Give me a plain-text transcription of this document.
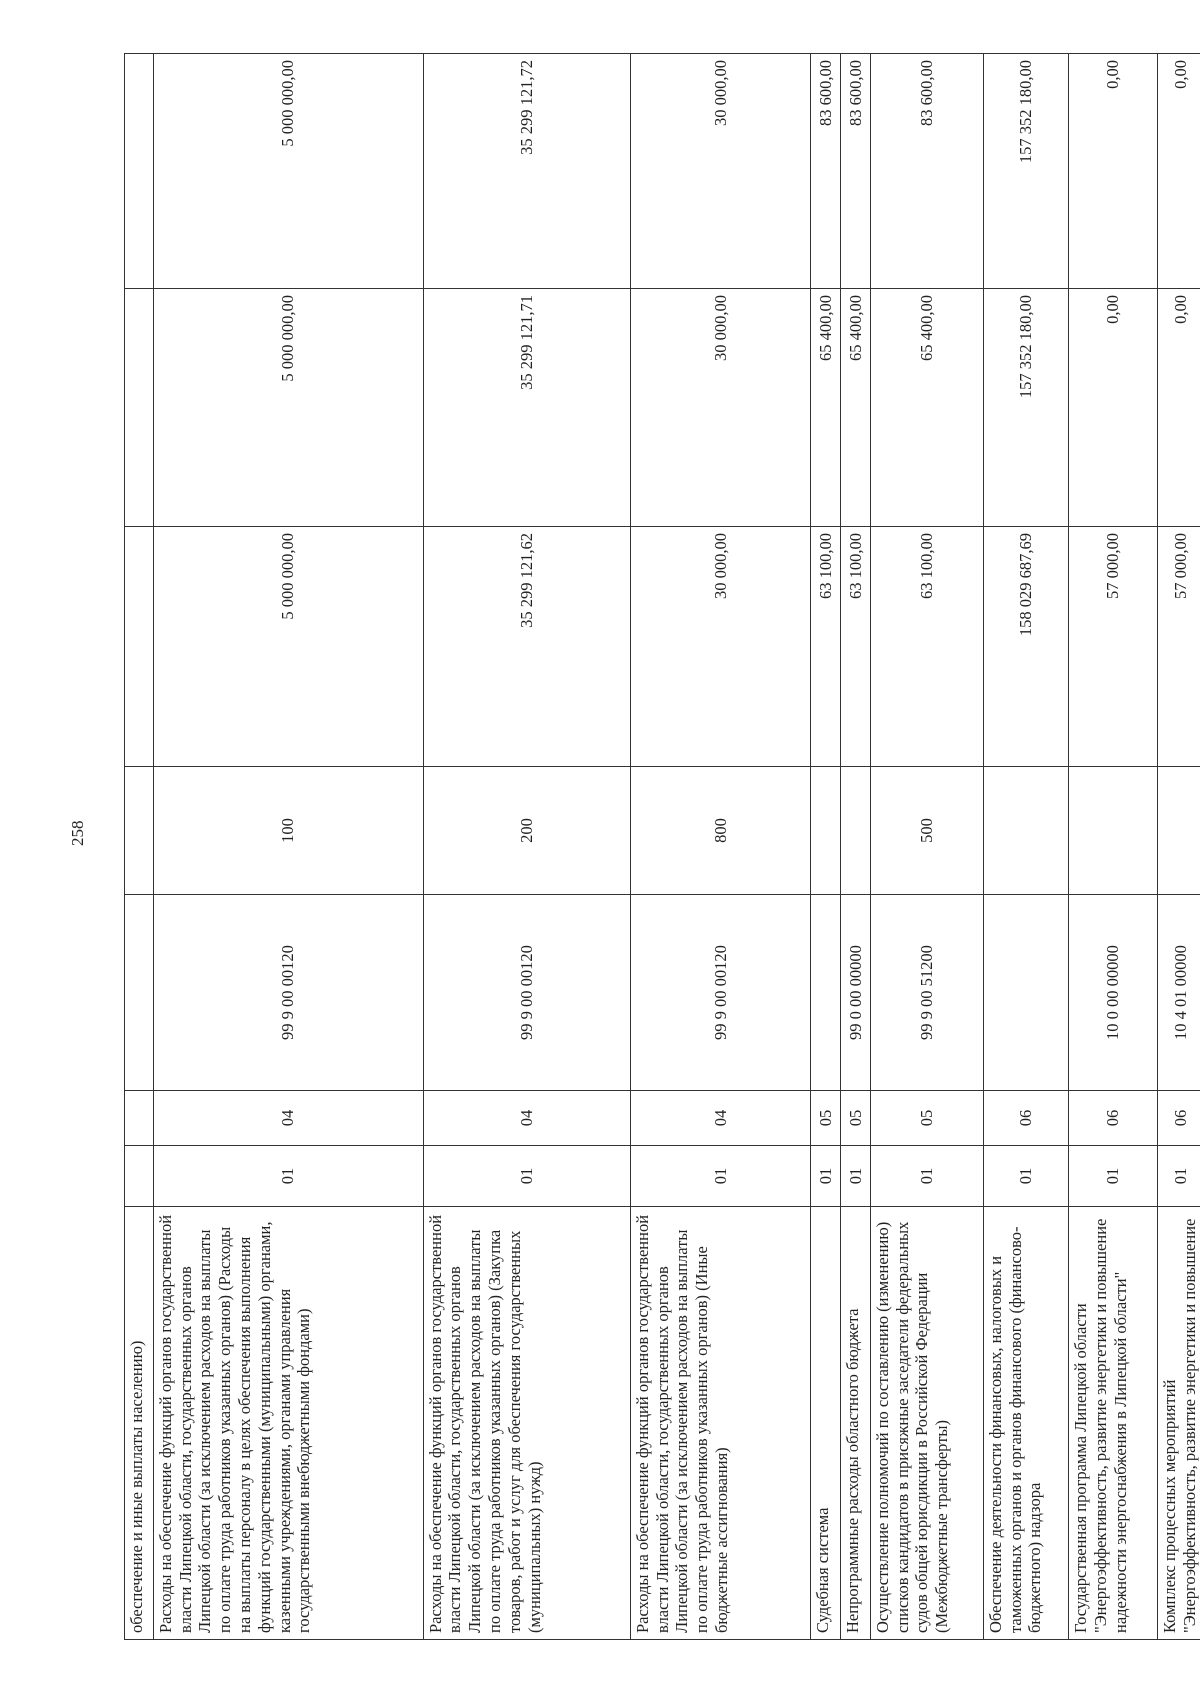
258
обеспечение и иные выплаты населению)							
Расходы на обеспечение функций органов государственной власти Липецкой области, государственных органов Липецкой области (за исключением расходов на выплаты по оплате труда работников указанных органов) (Расходы на выплаты персоналу в целях обеспечения выполнения функций государственными (муниципальными) органами, казенными учреждениями, органами управления государственными внебюджетными фондами)	01	04	99 9 00 00120	100	5 000 000,00	5 000 000,00	5 000 000,00
Расходы на обеспечение функций органов государственной власти Липецкой области, государственных органов Липецкой области (за исключением расходов на выплаты по оплате труда работников указанных органов) (Закупка товаров, работ и услуг для обеспечения государственных (муниципальных) нужд)	01	04	99 9 00 00120	200	35 299 121,62	35 299 121,71	35 299 121,72
Расходы на обеспечение функций органов государственной власти Липецкой области, государственных органов Липецкой области (за исключением расходов на выплаты по оплате труда работников указанных органов) (Иные бюджетные ассигнования)	01	04	99 9 00 00120	800	30 000,00	30 000,00	30 000,00
Судебная система	01	05			63 100,00	65 400,00	83 600,00
Непрограммные расходы областного бюджета	01	05	99 0 00 00000		63 100,00	65 400,00	83 600,00
Осуществление полномочий по составлению (изменению) списков кандидатов в присяжные заседатели федеральных судов общей юрисдикции в Российской Федерации (Межбюджетные трансферты)	01	05	99 9 00 51200	500	63 100,00	65 400,00	83 600,00
Обеспечение деятельности финансовых, налоговых и таможенных органов и органов финансового (финансово-бюджетного) надзора	01	06			158 029 687,69	157 352 180,00	157 352 180,00
Государственная программа Липецкой области "Энергоэффективность, развитие энергетики и повышение надежности энергоснабжения в Липецкой области"	01	06	10 0 00 00000		57 000,00	0,00	0,00
Комплекс процессных мероприятий "Энергоэффективность, развитие энергетики и повышение	01	06	10 4 01 00000		57 000,00	0,00	0,00
